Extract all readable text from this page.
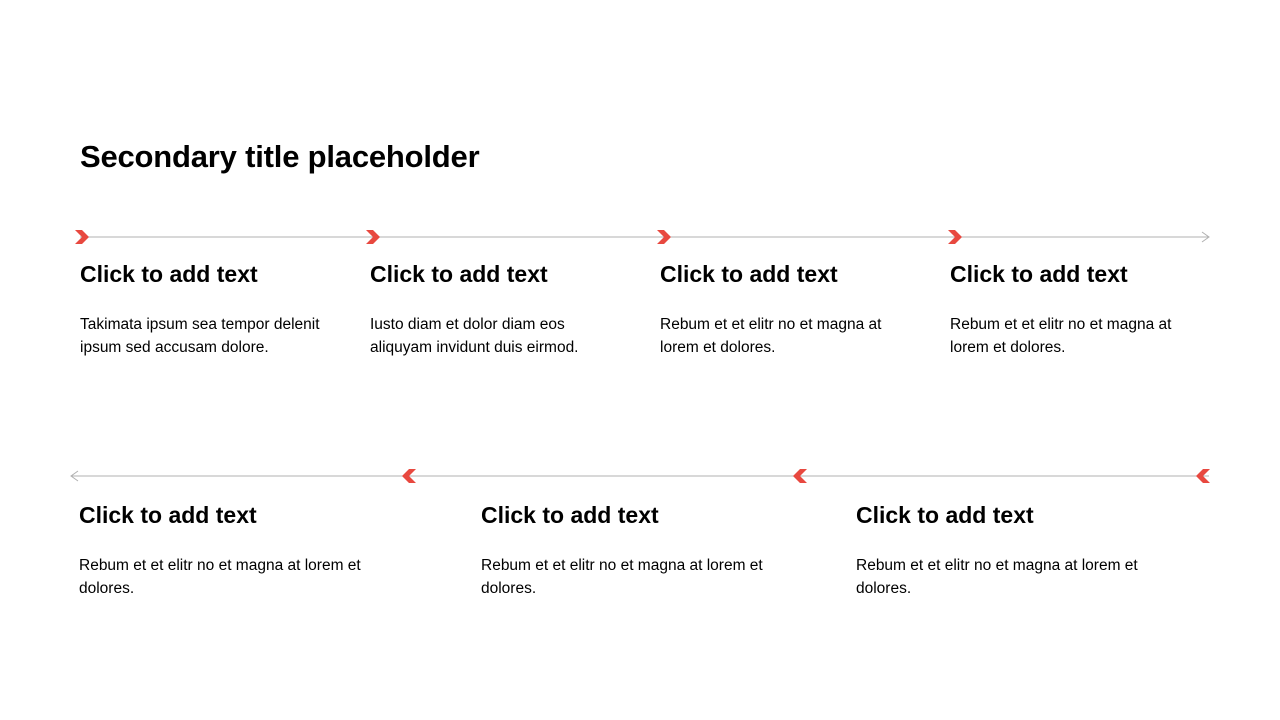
Secondary title placeholder
Click to add text

Takimata ipsum sea tempor delenit ipsum sed accusam dolore.

Click to add text

Iusto diam et dolor diam eos aliquyam invidunt duis eirmod.

Click to add text

Rebum et et elitr no et magna at lorem et dolores.

Click to add text

Rebum et et elitr no et magna at lorem et dolores.

Click to add text

Rebum et et elitr no et magna at lorem et dolores.

Click to add text

Rebum et et elitr no et magna at lorem et dolores.

Click to add text

Rebum et et elitr no et magna at lorem et dolores.
